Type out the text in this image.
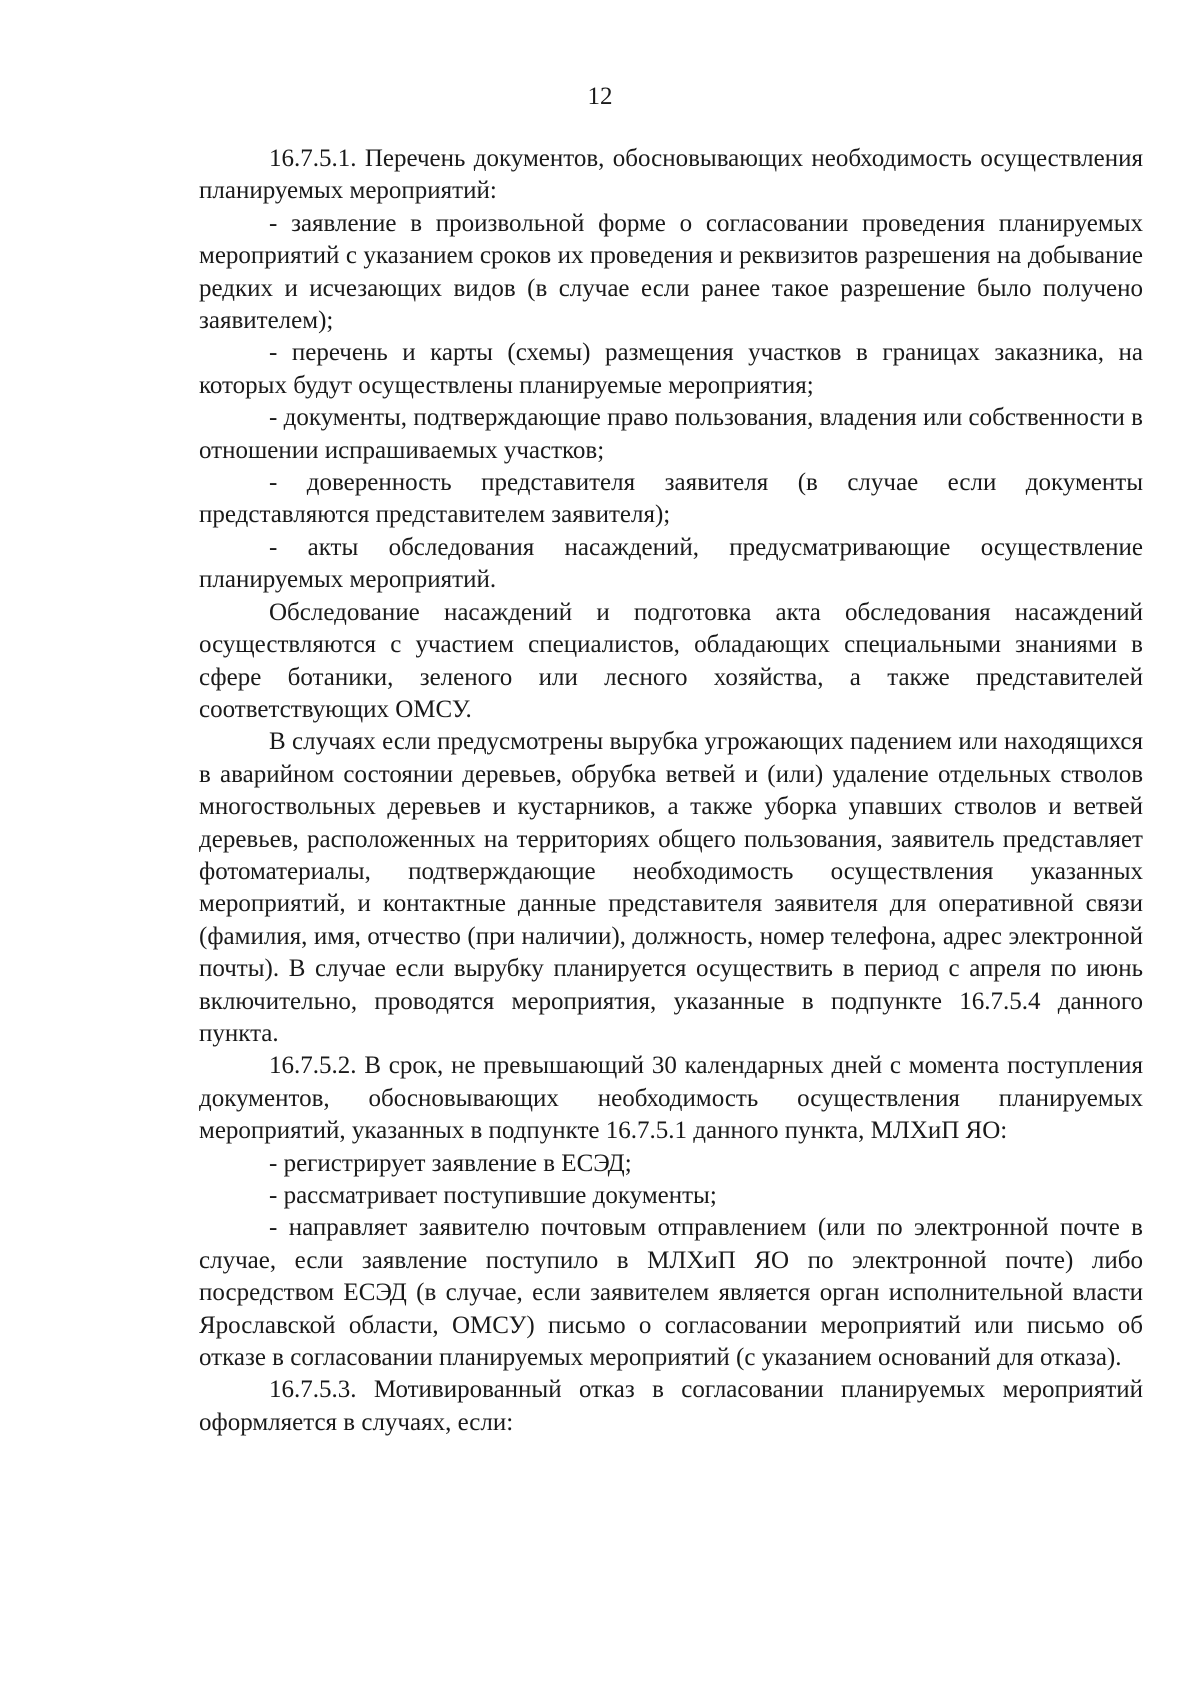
12

16.7.5.1. Перечень документов, обосновывающих необходимость осуществления планируемых мероприятий:

- заявление в произвольной форме о согласовании проведения планируемых мероприятий с указанием сроков их проведения и реквизитов разрешения на добывание редких и исчезающих видов (в случае если ранее такое разрешение было получено заявителем);

- перечень и карты (схемы) размещения участков в границах заказника, на которых будут осуществлены планируемые мероприятия;

- документы, подтверждающие право пользования, владения или собственности в отношении испрашиваемых участков;

- доверенность представителя заявителя (в случае если документы представляются представителем заявителя);

- акты обследования насаждений, предусматривающие осуществление планируемых мероприятий.

Обследование насаждений и подготовка акта обследования насаждений осуществляются с участием специалистов, обладающих специальными знаниями в сфере ботаники, зеленого или лесного хозяйства, а также представителей соответствующих ОМСУ.

В случаях если предусмотрены вырубка угрожающих падением или находящихся в аварийном состоянии деревьев, обрубка ветвей и (или) удаление отдельных стволов многоствольных деревьев и кустарников, а также уборка упавших стволов и ветвей деревьев, расположенных на территориях общего пользования, заявитель представляет фотоматериалы, подтверждающие необходимость осуществления указанных мероприятий, и контактные данные представителя заявителя для оперативной связи (фамилия, имя, отчество (при наличии), должность, номер телефона, адрес электронной почты). В случае если вырубку планируется осуществить в период с апреля по июнь включительно, проводятся мероприятия, указанные в подпункте 16.7.5.4 данного пункта.

16.7.5.2. В срок, не превышающий 30 календарных дней с момента поступления документов, обосновывающих необходимость осуществления планируемых мероприятий, указанных в подпункте 16.7.5.1 данного пункта, МЛХиП ЯО:

- регистрирует заявление в ЕСЭД;

- рассматривает поступившие документы;

- направляет заявителю почтовым отправлением (или по электронной почте в случае, если заявление поступило в МЛХиП ЯО по электронной почте) либо посредством ЕСЭД (в случае, если заявителем является орган исполнительной власти Ярославской области, ОМСУ) письмо о согласовании мероприятий или письмо об отказе в согласовании планируемых мероприятий (с указанием оснований для отказа).

16.7.5.3. Мотивированный отказ в согласовании планируемых мероприятий оформляется в случаях, если:
